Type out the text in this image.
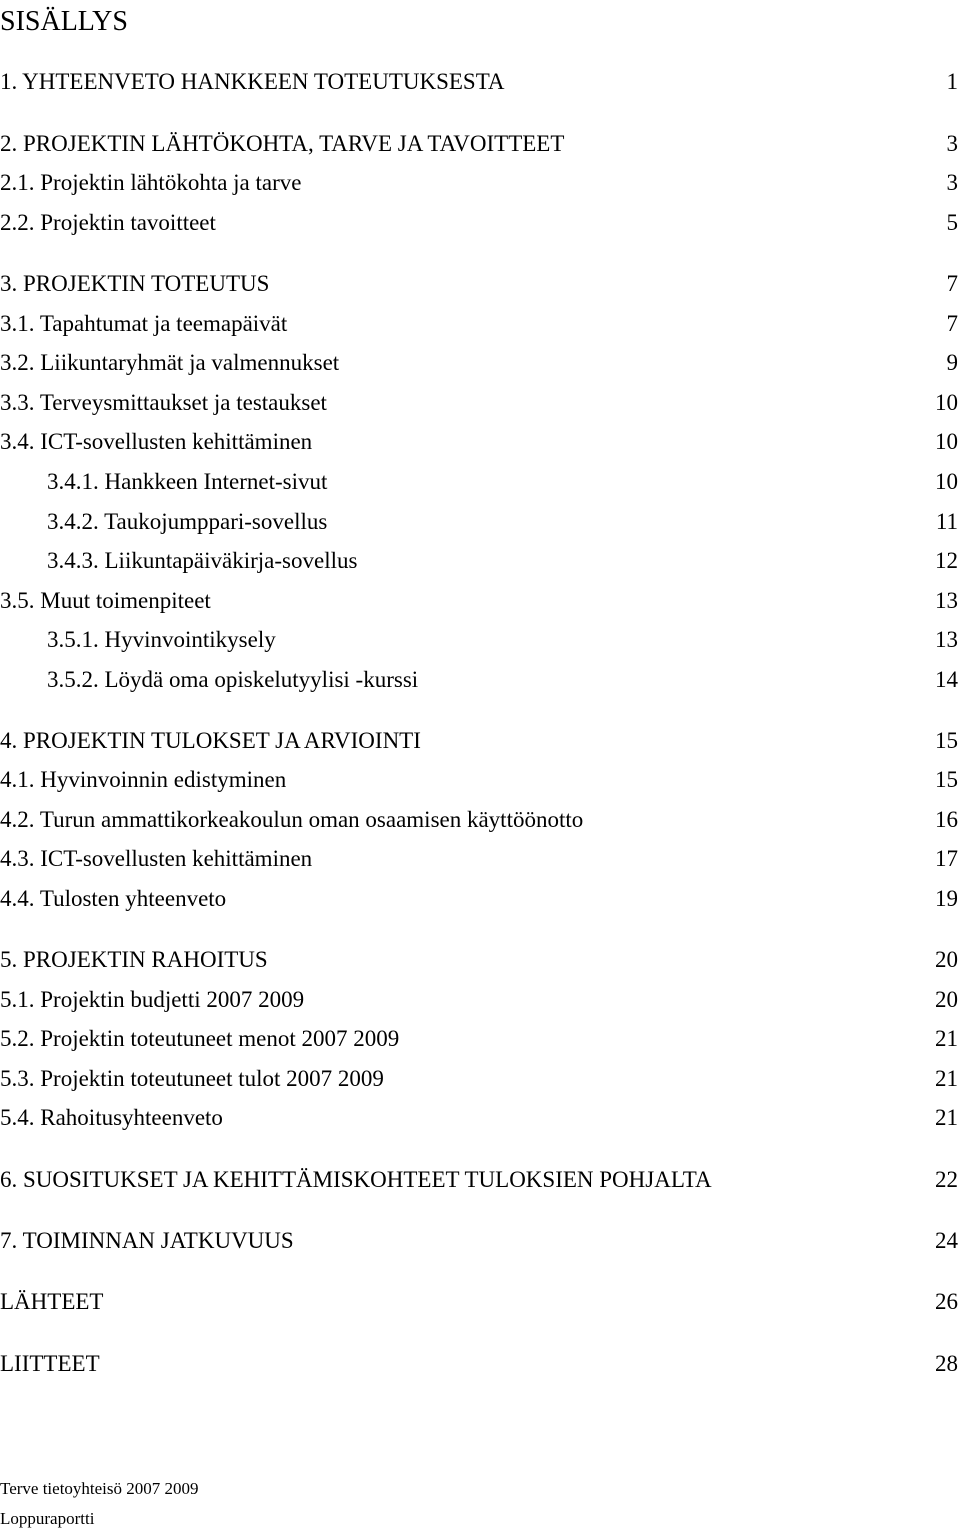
SISÄLLYS
1. YHTEENVETO HANKKEEN TOTEUTUKSESTA	1
2. PROJEKTIN LÄHTÖKOHTA, TARVE JA TAVOITTEET	3
2.1. Projektin lähtökohta ja tarve	3
2.2. Projektin tavoitteet	5
3. PROJEKTIN TOTEUTUS	7
3.1. Tapahtumat ja teemapäivät	7
3.2. Liikuntaryhmät ja valmennukset	9
3.3. Terveysmittaukset ja testaukset	10
3.4. ICT-sovellusten kehittäminen	10
3.4.1. Hankkeen Internet-sivut	10
3.4.2. Taukojumppari-sovellus	11
3.4.3. Liikuntapäiväkirja-sovellus	12
3.5. Muut toimenpiteet	13
3.5.1. Hyvinvointikysely	13
3.5.2. Löydä oma opiskelutyylisi -kurssi	14
4. PROJEKTIN TULOKSET JA ARVIOINTI	15
4.1. Hyvinvoinnin edistyminen	15
4.2. Turun ammattikorkeakoulun oman osaamisen käyttöönotto	16
4.3. ICT-sovellusten kehittäminen	17
4.4. Tulosten yhteenveto	19
5. PROJEKTIN RAHOITUS	20
5.1. Projektin budjetti 2007 2009	20
5.2. Projektin toteutuneet menot 2007 2009	21
5.3. Projektin toteutuneet tulot 2007 2009	21
5.4. Rahoitusyhteenveto	21
6. SUOSITUKSET JA KEHITTÄMISKOHTEET TULOKSIEN POHJALTA	22
7. TOIMINNAN JATKUVUUS	24
LÄHTEET	26
LIITTEET	28
Terve tietoyhteisö 2007 2009
Loppuraportti
